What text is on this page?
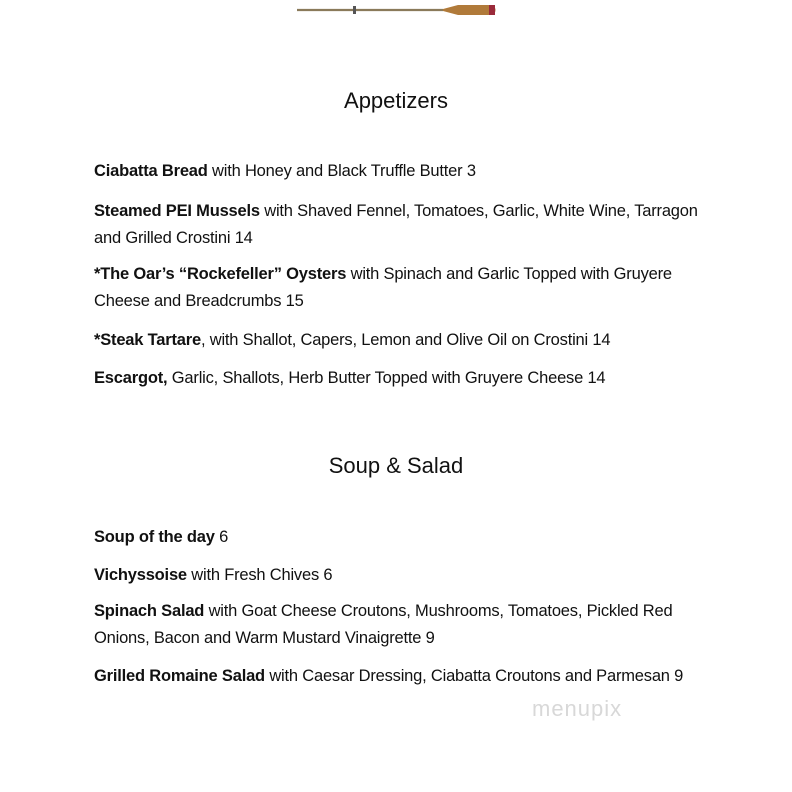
Appetizers

Ciabatta Bread with Honey and Black Truffle Butter 3

Steamed PEI Mussels with Shaved Fennel, Tomatoes, Garlic, White Wine, Tarragon and Grilled Crostini 14

*The Oar’s “Rockefeller” Oysters with Spinach and Garlic Topped with Gruyere Cheese and Breadcrumbs 15

*Steak Tartare, with Shallot, Capers, Lemon and Olive Oil on Crostini 14

Escargot, Garlic, Shallots, Herb Butter Topped with Gruyere Cheese 14

Soup & Salad

Soup of the day 6

Vichyssoise with Fresh Chives 6

Spinach Salad with Goat Cheese Croutons, Mushrooms, Tomatoes, Pickled Red Onions, Bacon and Warm Mustard Vinaigrette 9

Grilled Romaine Salad with Caesar Dressing, Ciabatta Croutons and Parmesan 9

menupix
